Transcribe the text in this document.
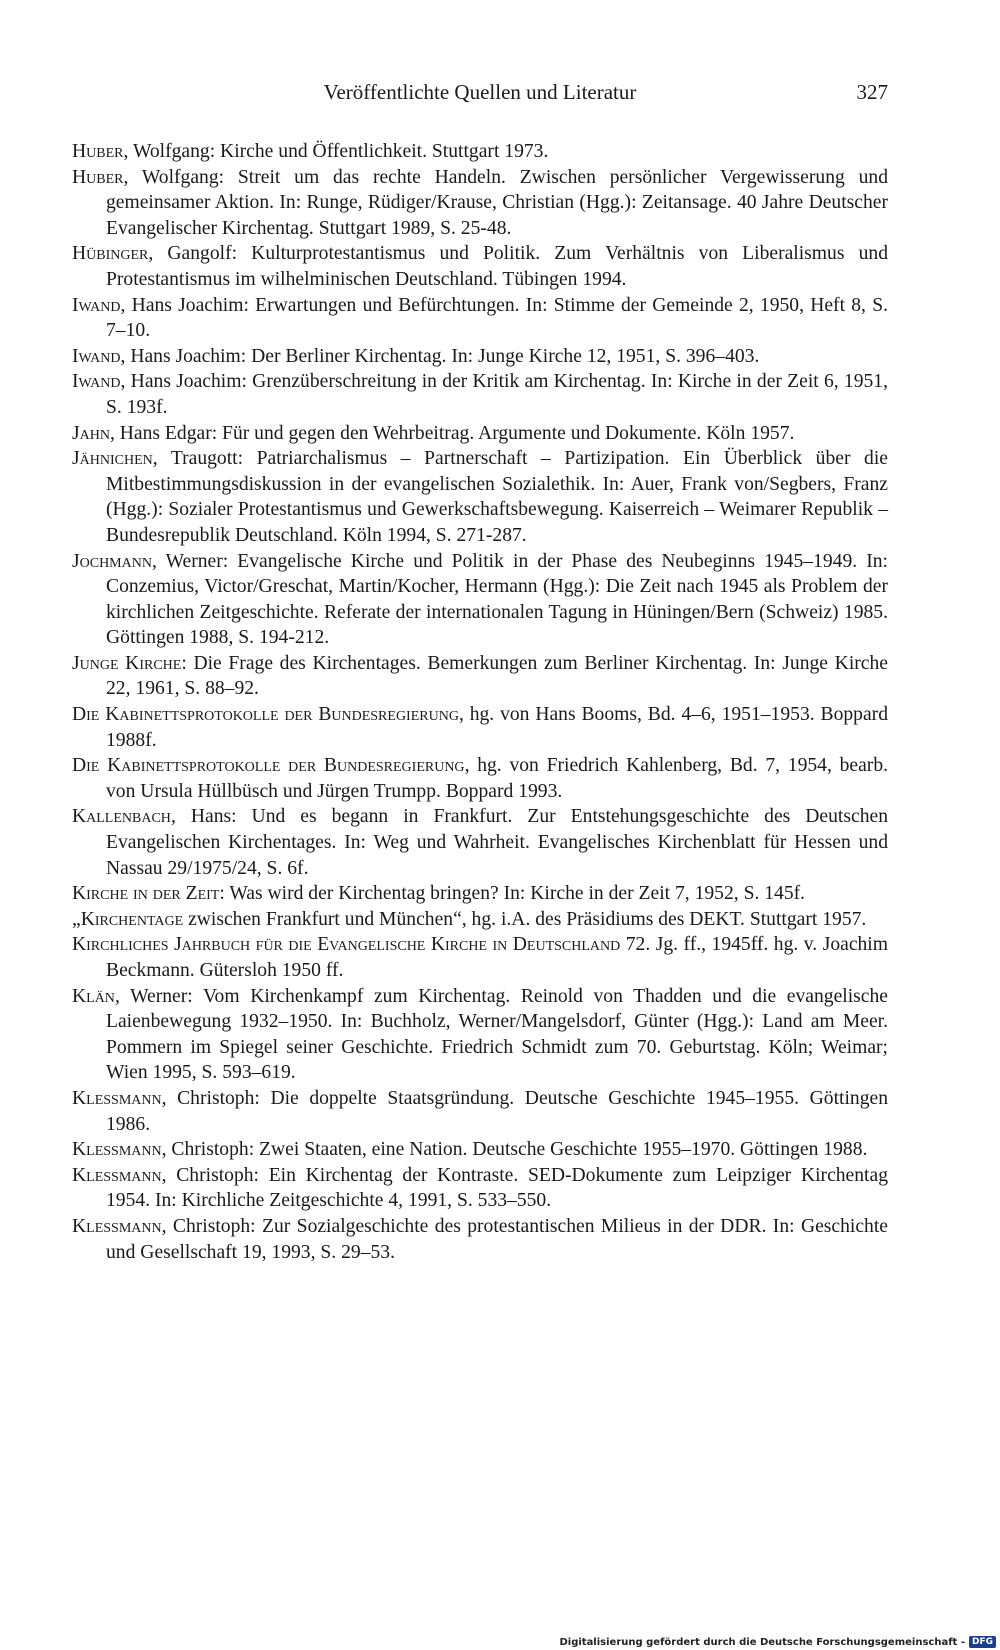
Veröffentlichte Quellen und Literatur	327

Huber, Wolfgang: Kirche und Öffentlichkeit. Stuttgart 1973.

Huber, Wolfgang: Streit um das rechte Handeln. Zwischen persönlicher Vergewisserung und gemeinsamer Aktion. In: Runge, Rüdiger/Krause, Christian (Hgg.): Zeitansage. 40 Jahre Deutscher Evangelischer Kirchentag. Stuttgart 1989, S. 25-48.

Hübinger, Gangolf: Kulturprotestantismus und Politik. Zum Verhältnis von Liberalismus und Protestantismus im wilhelminischen Deutschland. Tübingen 1994.

Iwand, Hans Joachim: Erwartungen und Befürchtungen. In: Stimme der Gemeinde 2, 1950, Heft 8, S. 7–10.

Iwand, Hans Joachim: Der Berliner Kirchentag. In: Junge Kirche 12, 1951, S. 396–403.

Iwand, Hans Joachim: Grenzüberschreitung in der Kritik am Kirchentag. In: Kirche in der Zeit 6, 1951, S. 193f.

Jahn, Hans Edgar: Für und gegen den Wehrbeitrag. Argumente und Dokumente. Köln 1957.

Jähnichen, Traugott: Patriarchalismus – Partnerschaft – Partizipation. Ein Überblick über die Mitbestimmungsdiskussion in der evangelischen Sozialethik. In: Auer, Frank von/Segbers, Franz (Hgg.): Sozialer Protestantismus und Gewerkschaftsbewegung. Kaiserreich – Weimarer Republik – Bundesrepublik Deutschland. Köln 1994, S. 271-287.

Jochmann, Werner: Evangelische Kirche und Politik in der Phase des Neubeginns 1945–1949. In: Conzemius, Victor/Greschat, Martin/Kocher, Hermann (Hgg.): Die Zeit nach 1945 als Problem der kirchlichen Zeitgeschichte. Referate der internationalen Tagung in Hüningen/Bern (Schweiz) 1985. Göttingen 1988, S. 194-212.

Junge Kirche: Die Frage des Kirchentages. Bemerkungen zum Berliner Kirchentag. In: Junge Kirche 22, 1961, S. 88–92.

Die Kabinettsprotokolle der Bundesregierung, hg. von Hans Booms, Bd. 4–6, 1951–1953. Boppard 1988f.

Die Kabinettsprotokolle der Bundesregierung, hg. von Friedrich Kahlenberg, Bd. 7, 1954, bearb. von Ursula Hüllbüsch und Jürgen Trumpp. Boppard 1993.

Kallenbach, Hans: Und es begann in Frankfurt. Zur Entstehungsgeschichte des Deutschen Evangelischen Kirchentages. In: Weg und Wahrheit. Evangelisches Kirchenblatt für Hessen und Nassau 29/1975/24, S. 6f.

Kirche in der Zeit: Was wird der Kirchentag bringen? In: Kirche in der Zeit 7, 1952, S. 145f.

„Kirchentage zwischen Frankfurt und München“, hg. i.A. des Präsidiums des DEKT. Stuttgart 1957.

Kirchliches Jahrbuch für die Evangelische Kirche in Deutschland 72. Jg. ff., 1945ff. hg. v. Joachim Beckmann. Gütersloh 1950 ff.

Klän, Werner: Vom Kirchenkampf zum Kirchentag. Reinold von Thadden und die evangelische Laienbewegung 1932–1950. In: Buchholz, Werner/Mangelsdorf, Günter (Hgg.): Land am Meer. Pommern im Spiegel seiner Geschichte. Friedrich Schmidt zum 70. Geburtstag. Köln; Weimar; Wien 1995, S. 593–619.

Klessmann, Christoph: Die doppelte Staatsgründung. Deutsche Geschichte 1945–1955. Göttingen 1986.

Klessmann, Christoph: Zwei Staaten, eine Nation. Deutsche Geschichte 1955–1970. Göttingen 1988.

Klessmann, Christoph: Ein Kirchentag der Kontraste. SED-Dokumente zum Leipziger Kirchentag 1954. In: Kirchliche Zeitgeschichte 4, 1991, S. 533–550.

Klessmann, Christoph: Zur Sozialgeschichte des protestantischen Milieus in der DDR. In: Geschichte und Gesellschaft 19, 1993, S. 29–53.

Digitalisierung gefördert durch die Deutsche Forschungsgemeinschaft - DFG
